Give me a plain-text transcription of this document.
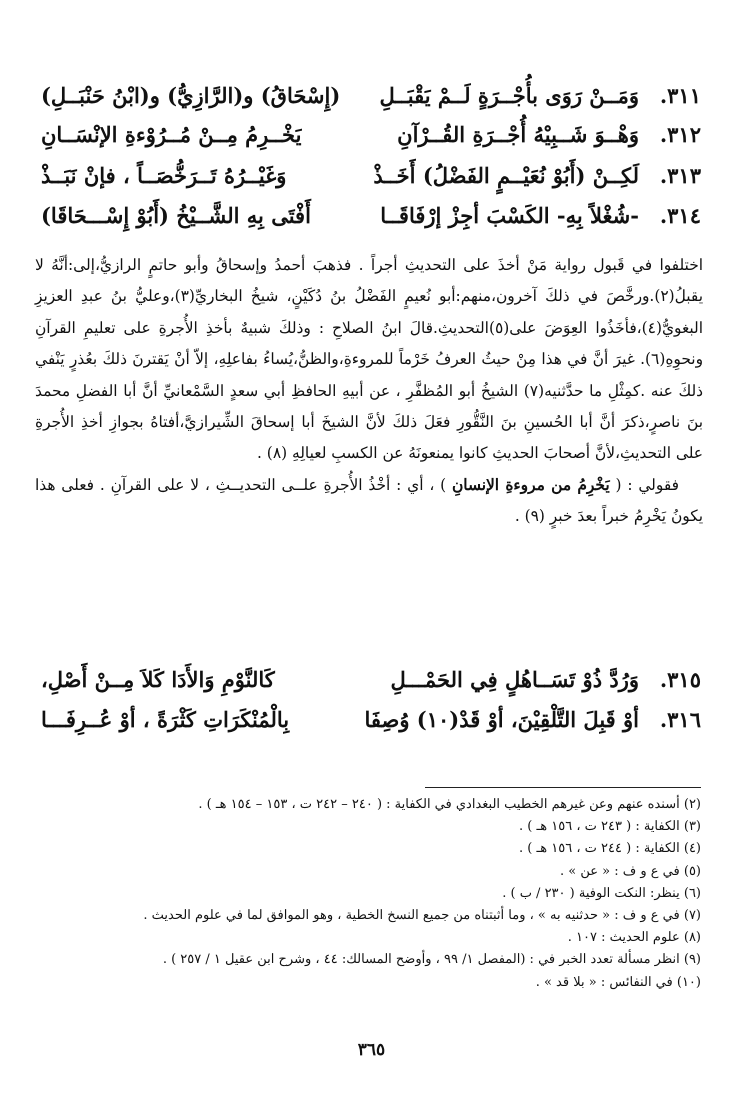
٣١١.
وَمَــنْ رَوَى بأُجْــرَةٍ لَــمْ يَقْبَــلِ
(إِسْحَاقُ) و(الرَّازِيُّ) و(ابْنُ حَنْبَــلِ)
٣١٢.
وَهْــوَ شَــبِيْهُ أُجْــرَةِ القُــرْآنِ
يَخْــرِمُ مِــنْ مُــرُوْءةِ الإنْسَــانِ
٣١٣.
لَكِــنْ (أَبُوْ نُعَيْــمٍ الفَضْلُ) أَخَــذْ
وَغَيْــرُهُ تَــرَخُّصَــاً ، فإنْ نَبَــذْ
٣١٤.
-شُغْلاً بِهِ- الكَسْبَ أجِزْ إرْفَاقَــا
أَفْتَى بِهِ الشَّــيْخُ (أَبُوْ إِسْـــحَاقَا)

اختلفوا في قَبول رواية مَنْ أخذَ على التحديثِ أجراً . فذهبَ أحمدُ وإسحاقُ وأبو حاتمٍ الرازيُّ،إلى:أنَّهُ لا يقبلُ(٢).ورخَّصَ في ذلكَ آخرون،منهم:أبو نُعيمٍ الفَضْلُ بنُ دُكَيْنٍ، شيخُ البخاريِّ(٣)،وعليُّ بنُ عبدِ العزيزِ البغويُّ(٤)،فأخَذُوا العِوَضَ على(٥)التحديثِ.قالَ ابنُ الصلاحِ : وذلكَ شبيهٌ بأخذِ الأُجرةِ على تعليمِ القرآنِ ونحوِهِ(٦). غيرَ أنَّ في هذا مِنْ حيثُ العرفُ خَرْماً للمروءةِ،والظنُّ،يُساءُ بفاعلِهِ، إلاّ أنْ يَقترنَ ذلكَ بعُذرٍ يَنْفي ذلكَ عنه .كمِثْلِ ما حدَّثنيه(٧) الشيخُ أبو المُظفَّرِ ، عن أبيهِ الحافظِ أبي سعدٍ السَّمْعانيِّ أنَّ أبا الفضلِ محمدَ بنَ ناصرٍ،ذكرَ أنَّ أبا الحُسينِ بنَ النَّقُّورِ فعَلَ ذلكَ لأنَّ الشيخَ أبا إسحاقَ الشِّيرازيَّ،أفتاهُ بجوازِ أخذِ الأُجرةِ على التحديثِ،لأنَّ أصحابَ الحديثِ كانوا يمنعونَهُ عن الكسبِ لعيالِهِ (٨) .

فقولي : ( يَخْرِمُ من مروءةِ الإنسانِ ) ، أي : أخْذُ الأُجرةِ علــى التحديــثِ ، لا على القرآنِ . فعلى هذا يكونُ يَخْرِمُ خبراً بعدَ خبرٍ (٩) .

٣١٥.
وَرُدَّ ذُوْ تَسَــاهُلٍ فِي الحَمْـــلِ
كَالنَّوْمِ وَالأَدَا كَلاَ مِــنْ أَصْلِ،
٣١٦.
أوْ قَبِلَ التَّلْقِيْنَ، أوْ قَدْ(١٠) وُصِفَا
بِالْمُنْكَرَاتِ كَثْرَةً ، أوْ عُــرِفَـــا
(٢) أسنده عنهم وعن غيرهم الخطيب البغدادي في الكفاية : ( ٢٤٠ – ٢٤٢ ت ، ١٥٣ – ١٥٤ هـ ) .
(٣) الكفاية : ( ٢٤٣ ت ، ١٥٦ هـ ) .
(٤) الكفاية : ( ٢٤٤ ت ، ١٥٦ هـ ) .
(٥) في ع و ف : « عن » .
(٦) ينظر: النكت الوفية ( ٢٣٠ / ب ) .
(٧) في ع و ف : « حدثنيه به » ، وما أثبتناه من جميع النسخ الخطية ، وهو الموافق لما في علوم الحديث .
(٨) علوم الحديث : ١٠٧ .
(٩) انظر مسألة تعدد الخبر في : (المفصل ١/ ٩٩ ، وأوضح المسالك: ٤٤ ، وشرح ابن عقيل ١ / ٢٥٧ ) .
(١٠) في النفائس : « بلا قد » .
٣٦٥
